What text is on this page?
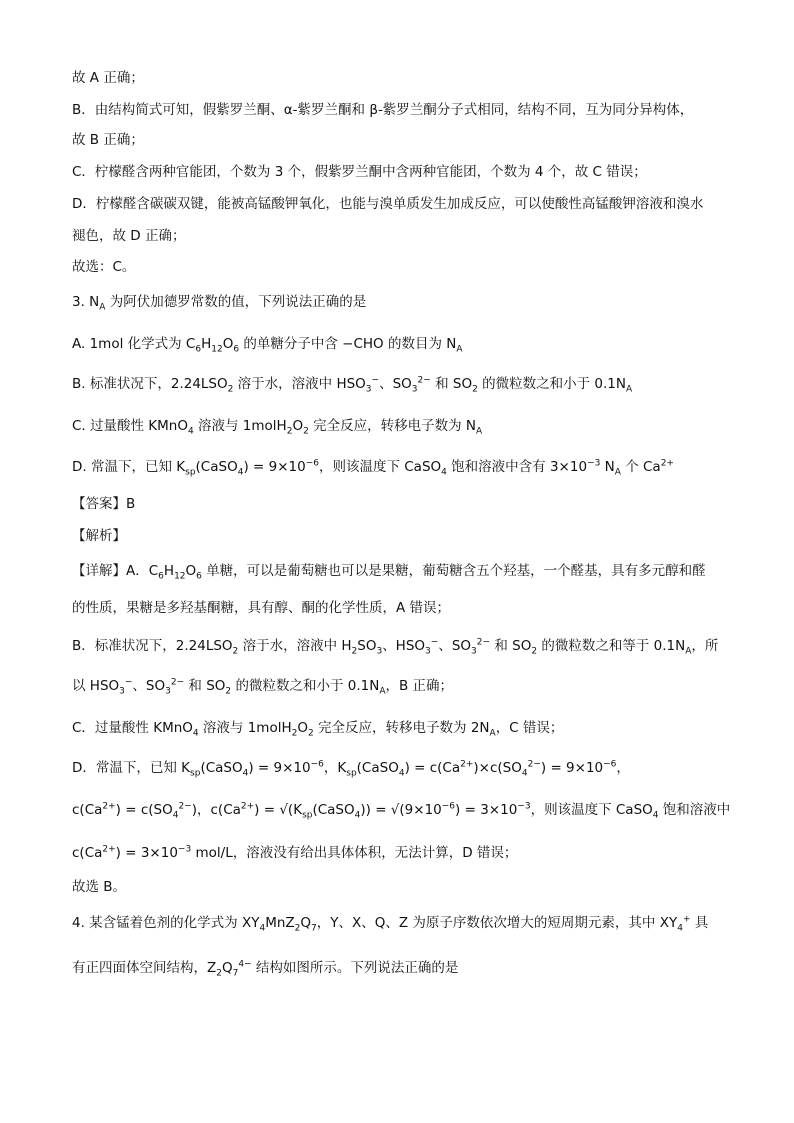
故 A 正确；
B．由结构简式可知，假紫罗兰酮、α-紫罗兰酮和 β-紫罗兰酮分子式相同，结构不同，互为同分异构体，
故 B 正确；
C．柠檬醛含两种官能团，个数为 3 个，假紫罗兰酮中含两种官能团，个数为 4 个，故 C 错误；
D．柠檬醛含碳碳双键，能被高锰酸钾氧化，也能与溴单质发生加成反应，可以使酸性高锰酸钾溶液和溴水
褪色，故 D 正确；
故选：C。
3. $N_A$ 为阿伏加德罗常数的值，下列说法正确的是
A. 1mol 化学式为 $C_6H_{12}O_6$ 的单糖分子中含 −CHO 的数目为 $N_A$
B. 标准状况下，$2.24LSO_2$ 溶于水，溶液中 $HSO_3^-$、$SO_3^{2-}$ 和 $SO_2$ 的微粒数之和小于 $0.1N_A$
C. 过量酸性 KMnO$_4$ 溶液与 $1molH_2O_2$ 完全反应，转移电子数为 $N_A$
D. 常温下，已知 $K_{sp}(CaSO_4) = 9\times 10^{-6}$，则该温度下 CaSO$_4$ 饱和溶液中含有 $3\times 10^{-3}$ $N_A$ 个 $Ca^{2+}$
【答案】B
【解析】
【详解】A．$C_6H_{12}O_6$ 单糖，可以是葡萄糖也可以是果糖，葡萄糖含五个羟基，一个醛基，具有多元醇和醛
的性质，果糖是多羟基酮糖，具有醇、酮的化学性质，A 错误；
B．标准状况下，$2.24LSO_2$ 溶于水，溶液中 $H_2SO_3$、$HSO_3^-$、$SO_3^{2-}$ 和 $SO_2$ 的微粒数之和等于 $0.1N_A$，所
以 $HSO_3^-$、$SO_3^{2-}$ 和 $SO_2$ 的微粒数之和小于 $0.1N_A$，B 正确；
C．过量酸性 KMnO$_4$ 溶液与 $1molH_2O_2$ 完全反应，转移电子数为 $2N_A$，C 错误；
D．常温下，已知 $K_{sp}(CaSO_4) = 9\times 10^{-6}$，$K_{sp}(CaSO_4) = c(Ca^{2+})\times c(SO_4^{2-}) = 9\times 10^{-6}$，
$c(Ca^{2+}) = c(SO_4^{2-})$，$c(Ca^{2+})$ = $√(K_{sp}(CaSO_4)) = √(9\times 10^{-6}) = 3\times 10^{-3}$，则该温度下 CaSO$_4$ 饱和溶液中
$c(Ca^{2+}) = 3\times 10^{-3}$ mol/L，溶液没有给出具体体积，无法计算，D 错误；
故选 B。
4. 某含锰着色剂的化学式为 $XY_4MnZ_2Q_7$，Y、X、Q、Z 为原子序数依次增大的短周期元素，其中 $XY_4^+$ 具
有正四面体空间结构，$Z_2Q_7^{4-}$ 结构如图所示。下列说法正确的是
